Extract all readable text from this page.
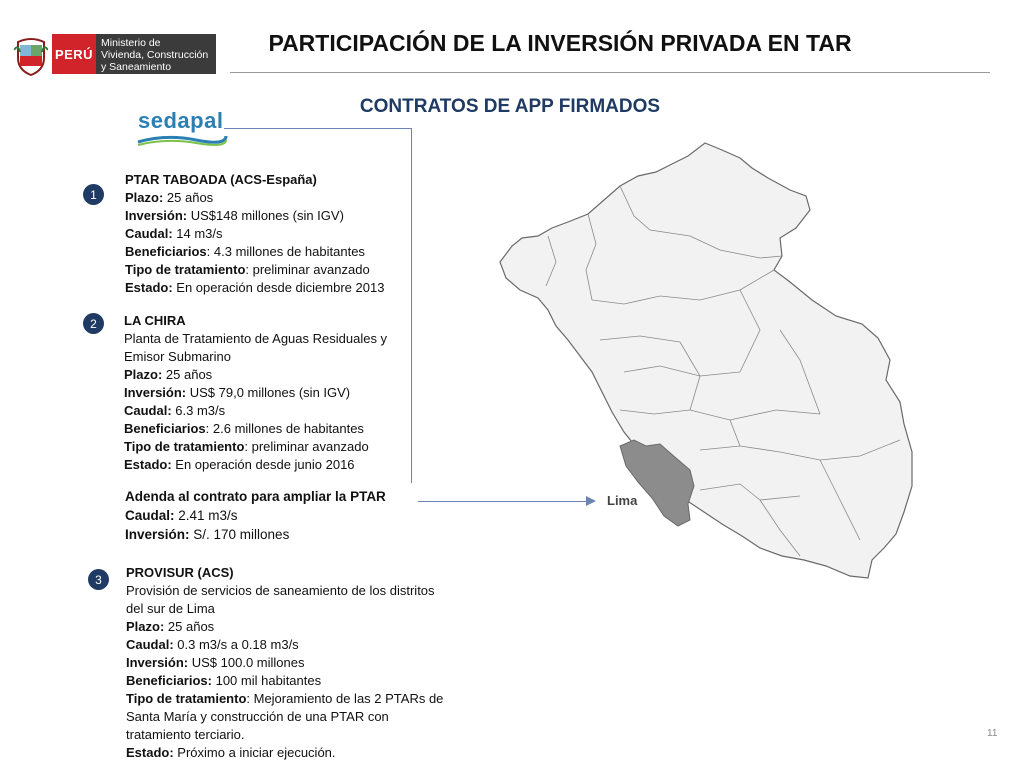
PERÚ
Ministerio de
Vivienda, Construcción
y Saneamiento
PARTICIPACIÓN DE LA INVERSIÓN PRIVADA EN TAR
CONTRATOS DE APP FIRMADOS
sedapal
1
PTAR TABOADA (ACS-España)
Plazo: 25 años
Inversión: US$148 millones (sin IGV)
Caudal: 14 m3/s
Beneficiarios: 4.3 millones de habitantes
Tipo de tratamiento: preliminar avanzado
Estado: En operación desde diciembre 2013
2	LA CHIRA
Planta de Tratamiento de Aguas Residuales y
Emisor Submarino
Plazo: 25 años
Inversión: US$ 79,0 millones (sin IGV)
Caudal: 6.3 m3/s
Beneficiarios: 2.6 millones de habitantes
Tipo de tratamiento: preliminar avanzado
Estado: En operación desde junio 2016
Adenda al contrato para ampliar la PTAR
Caudal: 2.41 m3/s
Inversión: S/. 170 millones
3	PROVISUR (ACS)
Provisión de servicios de saneamiento de los distritos
del sur de Lima
Plazo: 25 años
Caudal: 0.3 m3/s a 0.18 m3/s
Inversión: US$ 100.0 millones
Beneficiarios: 100 mil habitantes
Tipo de tratamiento: Mejoramiento de las 2 PTARs de
Santa María y construcción de una PTAR con
tratamiento terciario.
Estado: Próximo a iniciar ejecución.
Lima
11
